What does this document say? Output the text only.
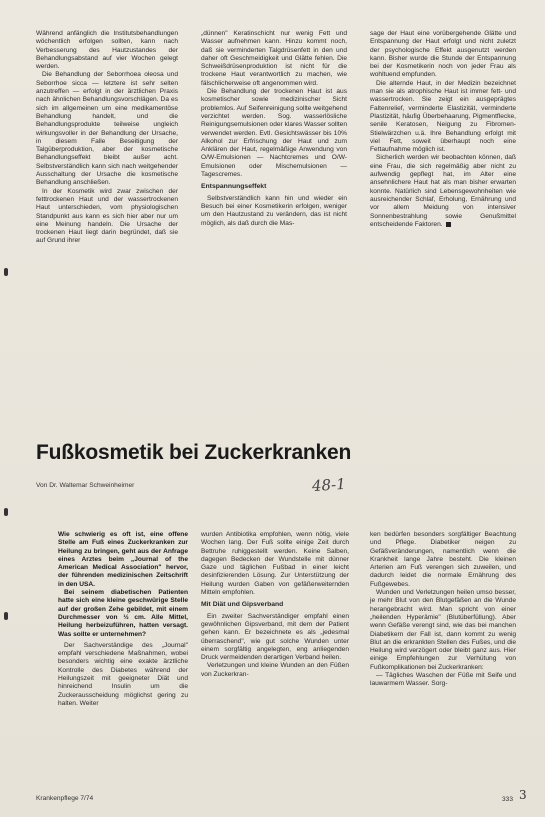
Während anfänglich die Institutsbehandlungen wöchentlich erfolgen sollten, kann nach Verbesserung des Hautzustandes der Behandlungsabstand auf vier Wochen gelegt werden.

Die Behandlung der Seborrhoea oleosa und Seborrhoe sicca — letztere ist sehr selten anzutreffen — erfolgt in der ärztlichen Praxis nach ähnlichen Behandlungsvorschlägen. Da es sich im allgemeinen um eine medikamentöse Behandlung handelt, und die Behandlungsprodukte teilweise ungleich wirkungsvoller in der Behandlung der Ursache, in diesem Falle Beseitigung der Talgüberproduktion, aber der kosmetische Behandlungseffekt bleibt außer acht. Selbstverständlich kann sich nach weitgehender Ausschaltung der Ursache die kosmetische Behandlung anschließen.

In der Kosmetik wird zwar zwischen der fetttrockenen Haut und der wassertrockenen Haut unterschieden, vom physiologischen Standpunkt aus kann es sich hier aber nur um eine Meinung handeln. Die Ursache der trockenen Haut liegt darin begründet, daß sie auf Grund ihrer

„dünnen" Keratinschicht nur wenig Fett und Wasser aufnehmen kann. Hinzu kommt noch, daß sie verminderten Talgdrüsenfett in den und daher oft Geschmeidigkeit und Glätte fehlen. Die Schweißdrüsenproduktion ist nicht für die trockene Haut verantwortlich zu machen, wie fälschlicherweise oft angenommen wird.

Die Behandlung der trockenen Haut ist aus kosmetischer sowie medizinischer Sicht problemlos. Auf Seifenreinigung sollte weitgehend verzichtet werden. Sog. wasserlösliche Reinigungsemulsionen oder klares Wasser sollten verwendet werden. Evtl. Gesichtswässer bis 10% Alkohol zur Erfrischung der Haut und zum Anklären der Haut, regelmäßige Anwendung von O/W-Emulsionen — Nachtcremes und O/W-Emulsionen oder Mischemulsionen — Tagescremes.

Entspannungseffekt

Selbstverständlich kann hin und wieder ein Besuch bei einer Kosmetikerin erfolgen, weniger um den Hautzustand zu verändern, das ist nicht möglich, als daß durch die Mas-

sage der Haut eine vorübergehende Glätte und Entspannung der Haut erfolgt und nicht zuletzt der psychologische Effekt ausgenutzt werden kann. Bisher wurde die Stunde der Entspannung bei der Kosmetikerin noch von jeder Frau als wohltuend empfunden.

Die alternde Haut, in der Medizin bezeichnet man sie als atrophische Haut ist immer fett- und wassertrocken. Sie zeigt ein ausgeprägtes Faltenrelief, verminderte Elastizität, verminderte Plastizität, häufig Überbehaarung, Pigmentflecke, senile Keratosen, Neigung zu Fibromen-Stielwärzchen u.ä. Ihre Behandlung erfolgt mit viel Fett, soweit überhaupt noch eine Fettaufnahme möglich ist.

Sicherlich werden wir beobachten können, daß eine Frau, die sich regelmäßig aber nicht zu aufwendig gepflegt hat, im Alter eine ansehnlichere Haut hat als man bisher erwarten konnte. Natürlich sind Lebensgewohnheiten wie ausreichender Schlaf, Erholung, Ernährung und vor allem Meidung von intensiver Sonnenbestrahlung sowie Genußmittel entscheidende Faktoren.

Fußkosmetik bei Zuckerkranken
Von Dr. Waltemar Schweinheimer	48-1

Wie schwierig es oft ist, eine offene Stelle am Fuß eines Zuckerkranken zur Heilung zu bringen, geht aus der Anfrage eines Arztes beim „Journal of the American Medical Association" hervor, der führenden medizinischen Zeitschrift in den USA.

Bei seinem diabetischen Patienten hatte sich eine kleine geschwürige Stelle auf der großen Zehe gebildet, mit einem Durchmesser von ½ cm. Alle Mittel, Heilung herbeizuführen, hatten versagt. Was sollte er unternehmen?

Der Sachverständige des „Journal" empfahl verschiedene Maßnahmen, wobei besonders wichtig eine exakte ärztliche Kontrolle des Diabetes während der Heilungszeit mit geeigneter Diät und hinreichend Insulin um die Zuckerausscheidung möglichst gering zu halten. Weiter

wurden Antibiotika empfohlen, wenn nötig, viele Wochen lang. Der Fuß sollte einige Zeit durch Bettruhe ruhiggestellt werden. Keine Salben, dagegen Bedecken der Wundstelle mit dünner Gaze und täglichen Fußbad in einer leicht desinfizierenden Lösung. Zur Unterstützung der Heilung wurden Gaben von gefäßerweiternden Mitteln empfohlen.

Mit Diät und Gipsverband

Ein zweiter Sachverständiger empfahl einen gewöhnlichen Gipsverband, mit dem der Patient gehen kann. Er bezeichnete es als „jedesmal überraschend", wie gut solche Wunden unter einem sorgfältig angelegten, eng anliegenden Druck vermeidenden derartigen Verband heilen.

Verletzungen und kleine Wunden an den Füßen von Zuckerkran-

ken bedürfen besonders sorgfältiger Beachtung und Pflege. Diabetiker neigen zu Gefäßveränderungen, namentlich wenn die Krankheit lange Jahre besteht. Die kleinen Arterien am Fuß verengen sich zuweilen, und dadurch leidet die normale Ernährung des Fußgewebes.

Wunden und Verletzungen heilen umso besser, je mehr Blut von den Blutgefäßen an die Wunde herangebracht wird. Man spricht von einer „heilenden Hyperämie" (Blutüberfüllung). Aber wenn Gefäße verengt sind, wie das bei manchen Diabetikern der Fall ist, dann kommt zu wenig Blut an die erkrankten Stellen des Fußes, und die Heilung wird verzögert oder bleibt ganz aus. Hier einige Empfehlungen zur Verhütung von Fußkomplikationen bei Zuckerkranken:

— Tägliches Waschen der Füße mit Seife und lauwarmem Wasser. Sorg-

Krankenpflege 7/74	333 3
